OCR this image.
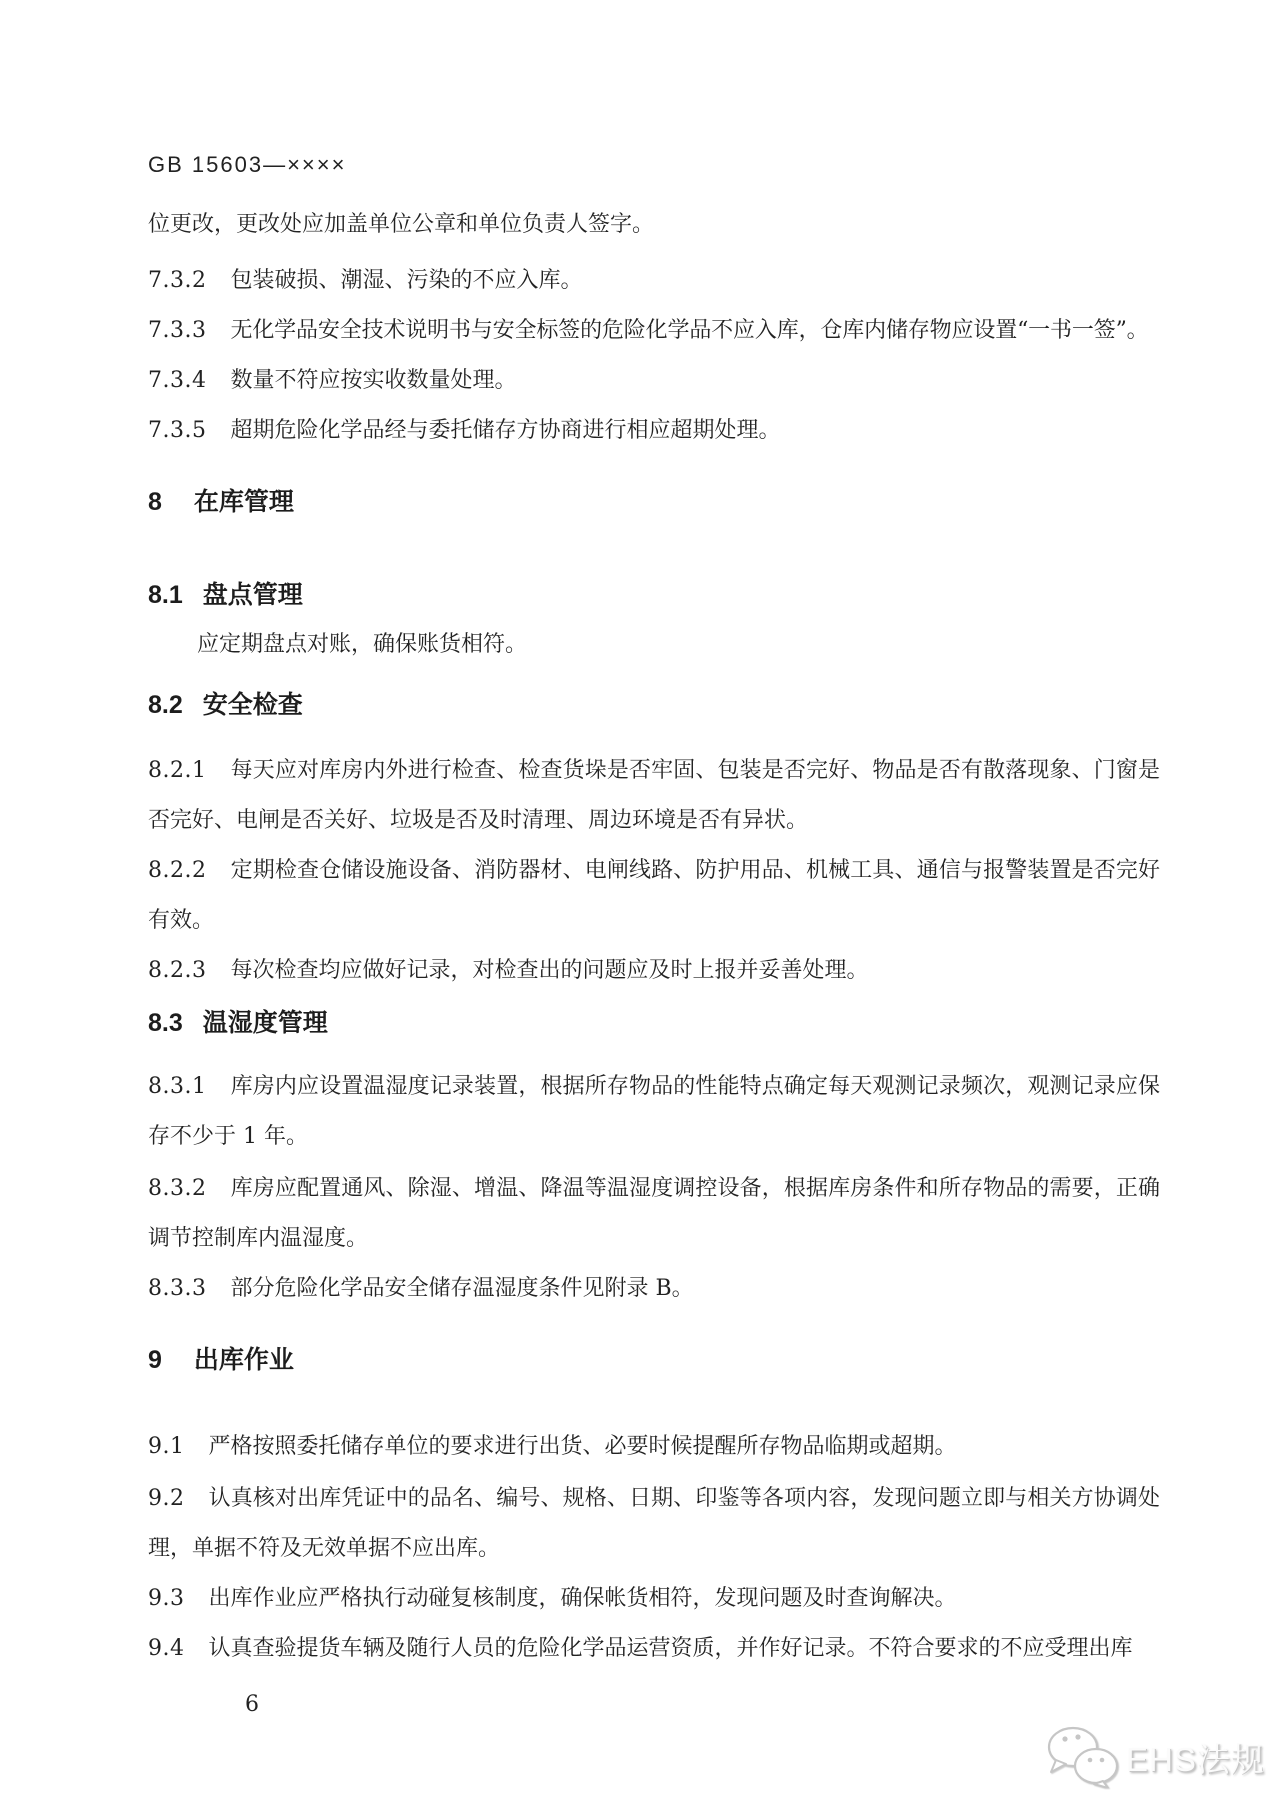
GB 15603—××××

位更改，更改处应加盖单位公章和单位负责人签字。

7.3.2 包装破损、潮湿、污染的不应入库。

7.3.3 无化学品安全技术说明书与安全标签的危险化学品不应入库，仓库内储存物应设置“一书一签”。

7.3.4 数量不符应按实收数量处理。

7.3.5 超期危险化学品经与委托储存方协商进行相应超期处理。

8 在库管理
8.1 盘点管理

应定期盘点对账，确保账货相符。

8.2 安全检查

8.2.1 每天应对库房内外进行检查、检查货垛是否牢固、包装是否完好、物品是否有散落现象、门窗是否完好、电闸是否关好、垃圾是否及时清理、周边环境是否有异状。

8.2.2 定期检查仓储设施设备、消防器材、电闸线路、防护用品、机械工具、通信与报警装置是否完好有效。

8.2.3 每次检查均应做好记录，对检查出的问题应及时上报并妥善处理。

8.3 温湿度管理

8.3.1 库房内应设置温湿度记录装置，根据所存物品的性能特点确定每天观测记录频次，观测记录应保存不少于 1 年。

8.3.2 库房应配置通风、除湿、增温、降温等温湿度调控设备，根据库房条件和所存物品的需要，正确调节控制库内温湿度。

8.3.3 部分危险化学品安全储存温湿度条件见附录 B。

9 出库作业

9.1 严格按照委托储存单位的要求进行出货、必要时候提醒所存物品临期或超期。

9.2 认真核对出库凭证中的品名、编号、规格、日期、印鉴等各项内容，发现问题立即与相关方协调处理，单据不符及无效单据不应出库。

9.3 出库作业应严格执行动碰复核制度，确保帐货相符，发现问题及时查询解决。

9.4 认真查验提货车辆及随行人员的危险化学品运营资质，并作好记录。不符合要求的不应受理出库

6
EHS法规
